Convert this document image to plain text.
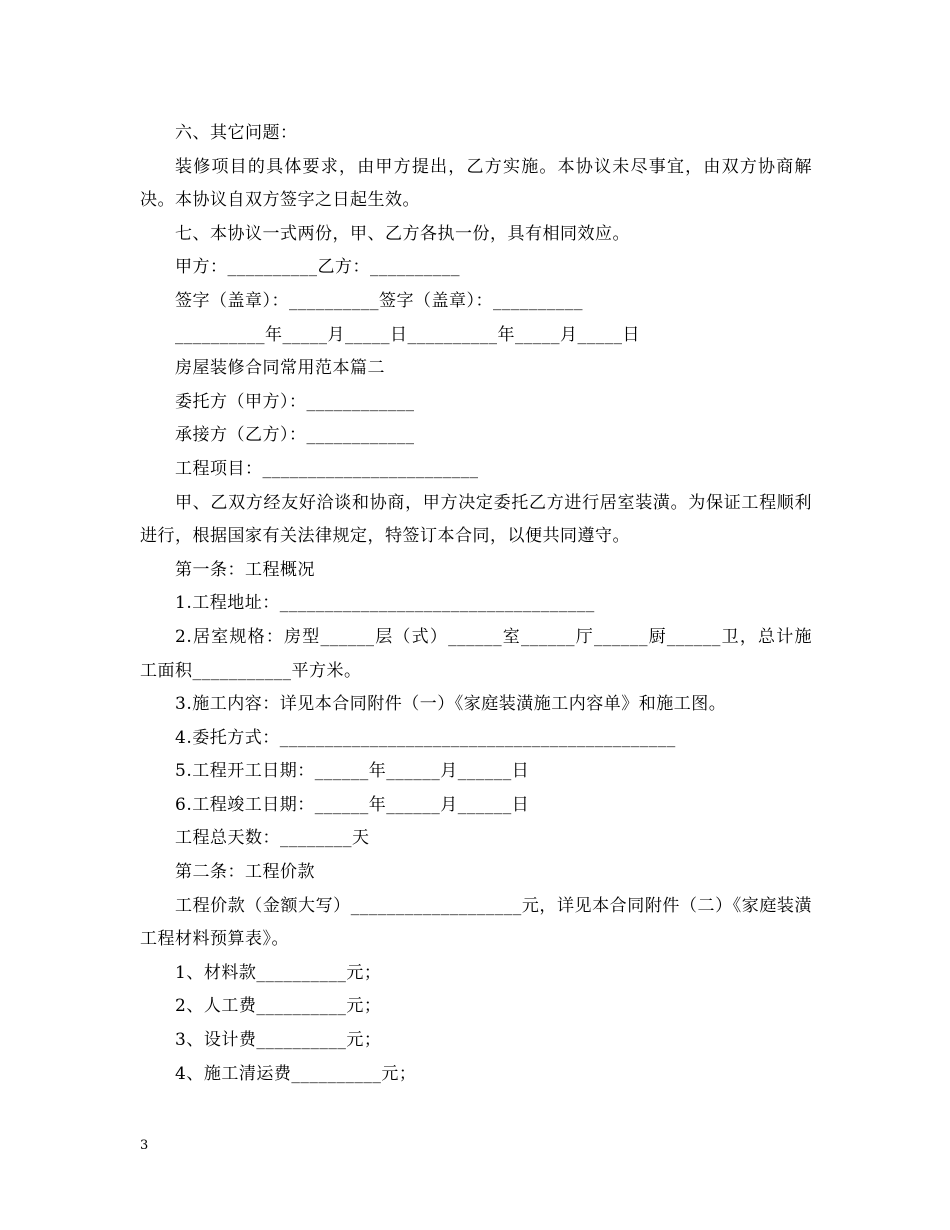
六、其它问题：

装修项目的具体要求，由甲方提出，乙方实施。本协议未尽事宜，由双方协商解决。本协议自双方签字之日起生效。

七、本协议一式两份，甲、乙方各执一份，具有相同效应。

甲方：__________乙方：__________

签字（盖章）：__________签字（盖章）：__________

__________年_____月_____日__________年_____月_____日

房屋装修合同常用范本篇二

委托方（甲方）：____________

承接方（乙方）：____________

工程项目：________________________

甲、乙双方经友好洽谈和协商，甲方决定委托乙方进行居室装潢。为保证工程顺利进行，根据国家有关法律规定，特签订本合同，以便共同遵守。

第一条：工程概况

1.工程地址：___________________________________

2.居室规格：房型______层（式）______室______厅______厨______卫，总计施工面积___________平方米。

3.施工内容：详见本合同附件（一）《家庭装潢施工内容单》和施工图。

4.委托方式：____________________________________________

5.工程开工日期：______年______月______日

6.工程竣工日期：______年______月______日

工程总天数：________天

第二条：工程价款

工程价款（金额大写）___________________元，详见本合同附件（二）《家庭装潢工程材料预算表》。

1、材料款__________元；

2、人工费__________元；

3、设计费__________元；

4、施工清运费__________元；

3
